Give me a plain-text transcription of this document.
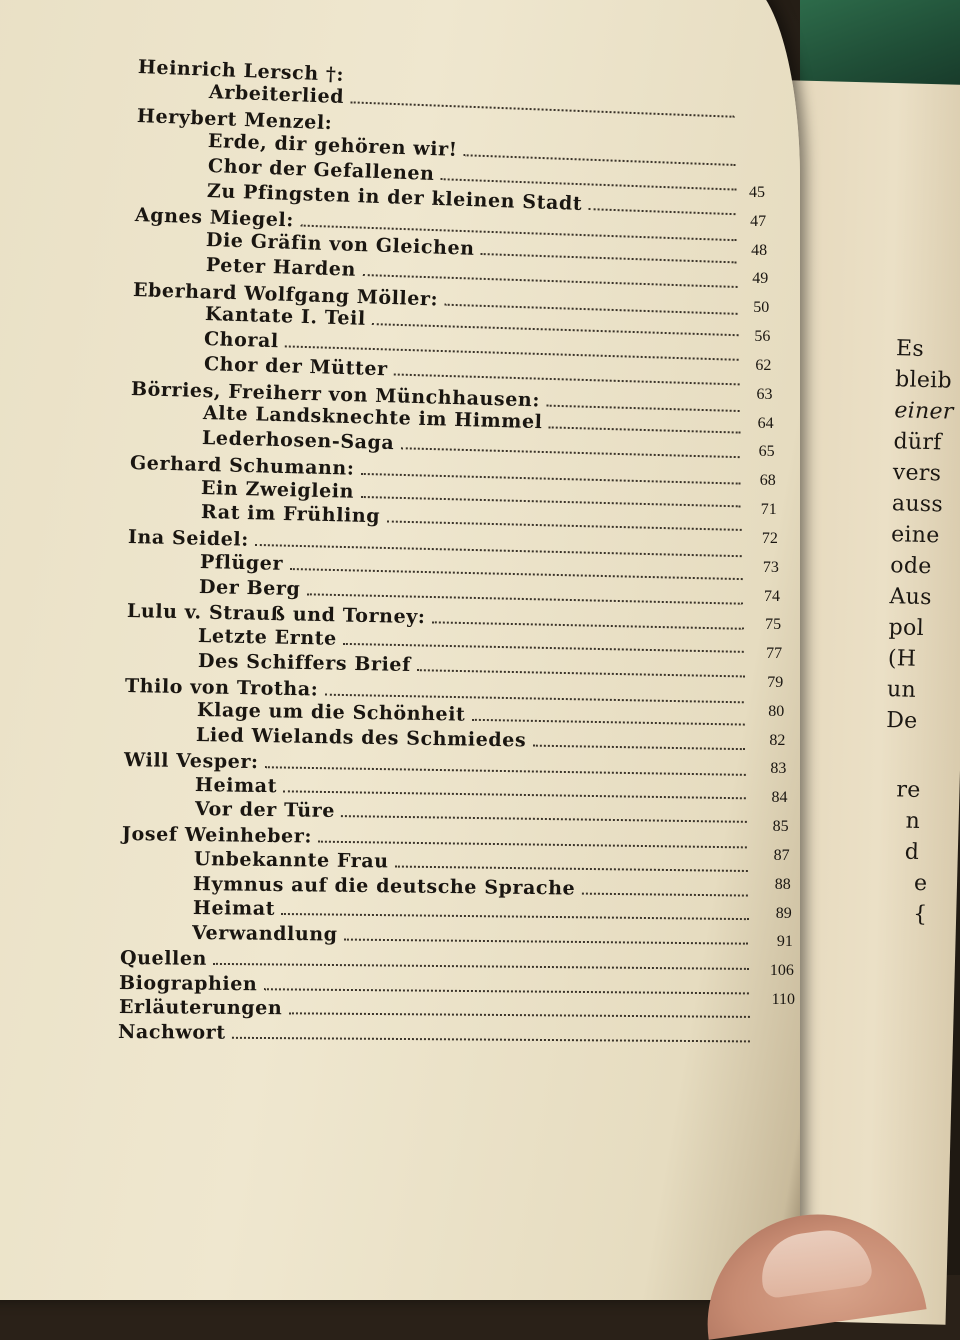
Es
bleib
einer
dürf
vers
auss
eine
ode
Aus
pol
(H
un
De
re
n
d
e
{
Heinrich Lersch †:
Arbeiterlied
Herybert Menzel:
Erde, dir gehören wir!
Chor der Gefallenen
Zu Pfingsten in der kleinen Stadt
Agnes Miegel:
Die Gräfin von Gleichen
Peter Harden
Eberhard Wolfgang Möller:
Kantate I. Teil
Choral
Chor der Mütter
Börries, Freiherr von Münchhausen:
Alte Landsknechte im Himmel
Lederhosen-Saga
Gerhard Schumann:
Ein Zweiglein
Rat im Frühling
Ina Seidel:
Pflüger
Der Berg
Lulu v. Strauß und Torney:
Letzte Ernte
Des Schiffers Brief
Thilo von Trotha:
Klage um die Schönheit
Lied Wielands des Schmiedes
Will Vesper:
Heimat
Vor der Türe
Josef Weinheber:
Unbekannte Frau
Hymnus auf die deutsche Sprache
Heimat
Verwandlung
Quellen
Biographien
Erläuterungen
Nachwort
45
47
48
49
50
56
62
63
64
65
68
71
72
73
74
75
77
79
80
82
83
84
85
87
88
89
91
106
110
